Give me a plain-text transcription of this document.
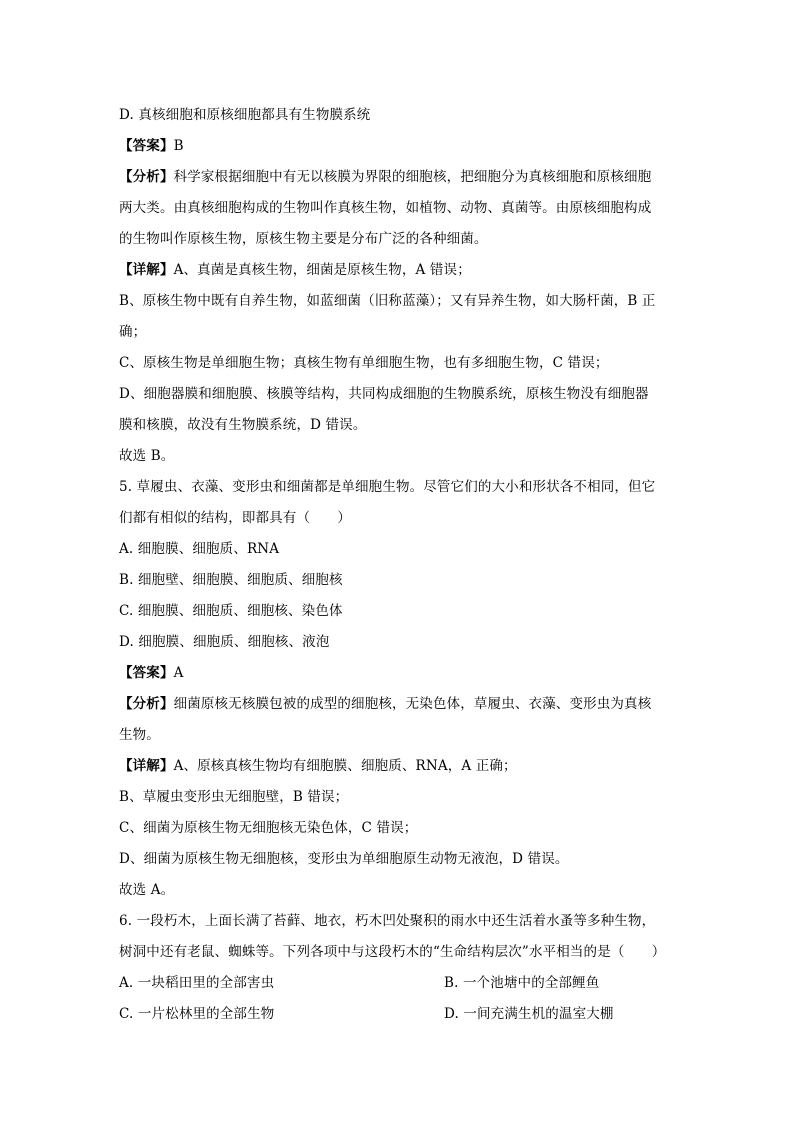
D. 真核细胞和原核细胞都具有生物膜系统
【答案】B
【分析】科学家根据细胞中有无以核膜为界限的细胞核，把细胞分为真核细胞和原核细胞
两大类。由真核细胞构成的生物叫作真核生物，如植物、动物、真菌等。由原核细胞构成
的生物叫作原核生物，原核生物主要是分布广泛的各种细菌。
【详解】A、真菌是真核生物，细菌是原核生物，A 错误；
B、原核生物中既有自养生物，如蓝细菌（旧称蓝藻）；又有异养生物，如大肠杆菌，B 正
确；
C、原核生物是单细胞生物；真核生物有单细胞生物，也有多细胞生物，C 错误；
D、细胞器膜和细胞膜、核膜等结构，共同构成细胞的生物膜系统，原核生物没有细胞器
膜和核膜，故没有生物膜系统，D 错误。
故选 B。
5. 草履虫、衣藻、变形虫和细菌都是单细胞生物。尽管它们的大小和形状各不相同，但它
们都有相似的结构，即都具有（　　）
A. 细胞膜、细胞质、RNA
B. 细胞壁、细胞膜、细胞质、细胞核
C. 细胞膜、细胞质、细胞核、染色体
D. 细胞膜、细胞质、细胞核、液泡
【答案】A
【分析】细菌原核无核膜包被的成型的细胞核，无染色体，草履虫、衣藻、变形虫为真核
生物。
【详解】A、原核真核生物均有细胞膜、细胞质、RNA，A 正确；
B、草履虫变形虫无细胞壁，B 错误；
C、细菌为原核生物无细胞核无染色体，C 错误；
D、细菌为原核生物无细胞核，变形虫为单细胞原生动物无液泡，D 错误。
故选 A。
6. 一段朽木，上面长满了苔藓、地衣，朽木凹处聚积的雨水中还生活着水蚤等多种生物，
树洞中还有老鼠、蜘蛛等。下列各项中与这段朽木的“生命结构层次”水平相当的是（　　）
A. 一块稻田里的全部害虫	B. 一个池塘中的全部鲤鱼
C. 一片松林里的全部生物	D. 一间充满生机的温室大棚
